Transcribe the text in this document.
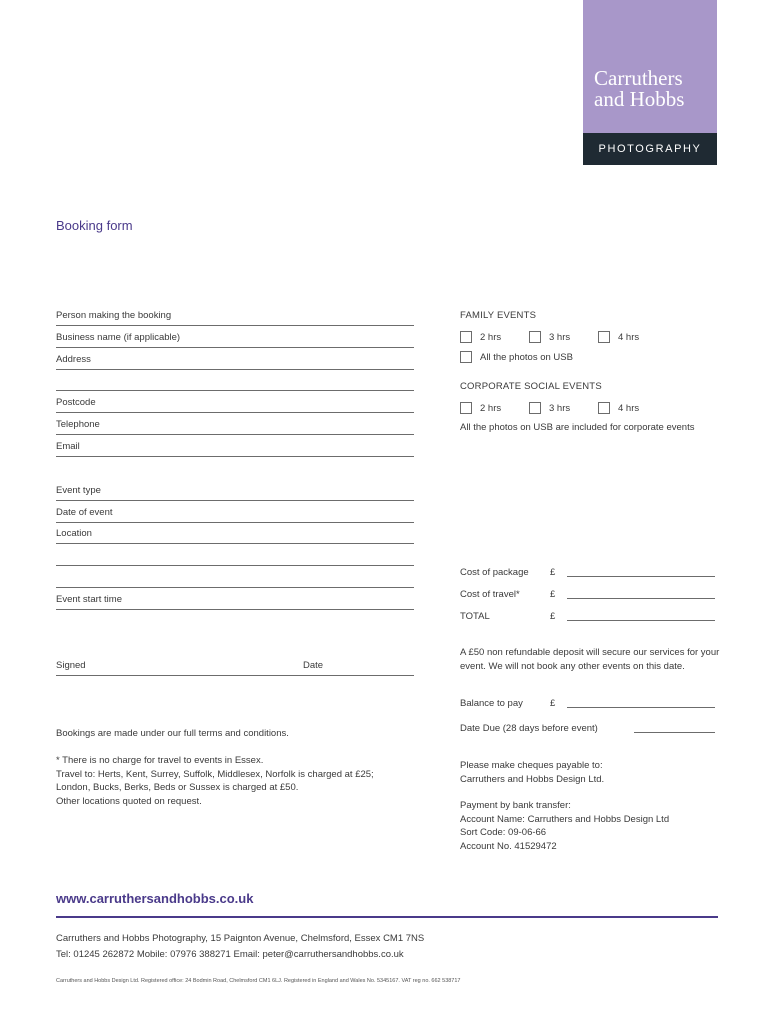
Carruthers
and Hobbs
PHOTOGRAPHY
Booking form
Person making the booking
Business name (if applicable)
Address
Postcode
Telephone
Email
Event type
Date of event
Location
Event start time
Signed	Date
FAMILY EVENTS
2 hrs	3 hrs	4 hrs
All the photos on USB
CORPORATE SOCIAL EVENTS
2 hrs	3 hrs	4 hrs
All the photos on USB are included for corporate events
Cost of package £
Cost of travel*	£
TOTAL	£
A £50 non refundable deposit will secure our services for your event. We will not book any other events on this date.
Balance to pay	£
Date Due (28 days before event)
Bookings are made under our full terms and conditions.
* There is no charge for travel to events in Essex.
Travel to: Herts, Kent, Surrey, Suffolk, Middlesex, Norfolk is charged at £25;
London, Bucks, Berks, Beds or Sussex is charged at £50.
Other locations quoted on request.
Please make cheques payable to:
Carruthers and Hobbs Design Ltd.
Payment by bank transfer:
Account Name: Carruthers and Hobbs Design Ltd
Sort Code: 09-06-66
Account No. 41529472
www.carruthersandhobbs.co.uk
Carruthers and Hobbs Photography, 15 Paignton Avenue, Chelmsford, Essex CM1 7NS
Tel: 01245 262872 Mobile: 07976 388271 Email: peter@carruthersandhobbs.co.uk
Carruthers and Hobbs Design Ltd. Registered office: 24 Bodmin Road, Chelmsford CM1 6LJ. Registered in England and Wales No. 5345167. VAT reg no. 662 538717
